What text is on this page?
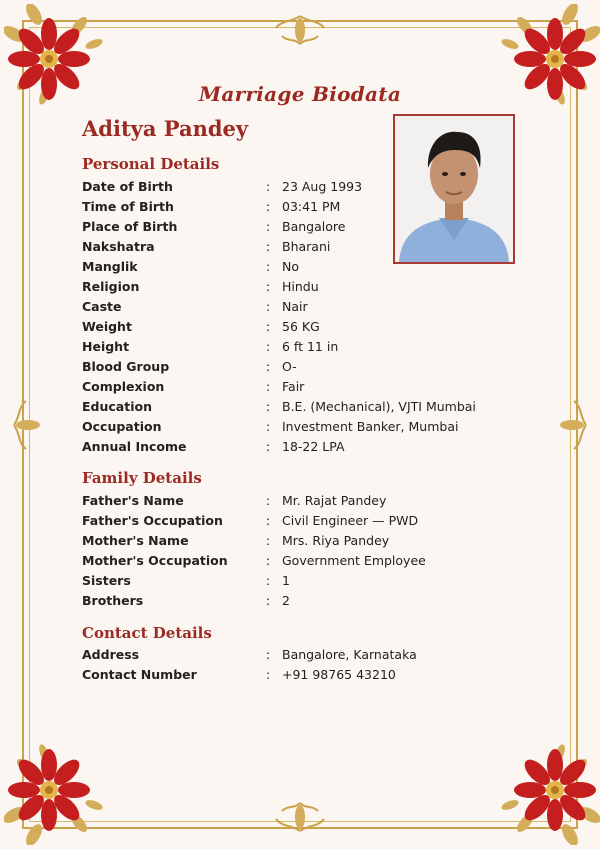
Marriage Biodata
Aditya Pandey
Personal Details
Date of Birth	: 23 Aug 1993
Time of Birth	: 03:41 PM
Place of Birth	: Bangalore
Nakshatra	: Bharani
Manglik	: No
Religion	: Hindu
Caste	: Nair
Weight	: 56 KG
Height	: 6 ft 11 in
Blood Group	: O-
Complexion	: Fair
Education	: B.E. (Mechanical), VJTI Mumbai
Occupation	: Investment Banker, Mumbai
Annual Income	: 18-22 LPA
Family Details
Father's Name	: Mr. Rajat Pandey
Father's Occupation	: Civil Engineer — PWD
Mother's Name	: Mrs. Riya Pandey
Mother's Occupation	: Government Employee
Sisters	: 1
Brothers	: 2
Contact Details
Address	: Bangalore, Karnataka
Contact Number	: +91 98765 43210
